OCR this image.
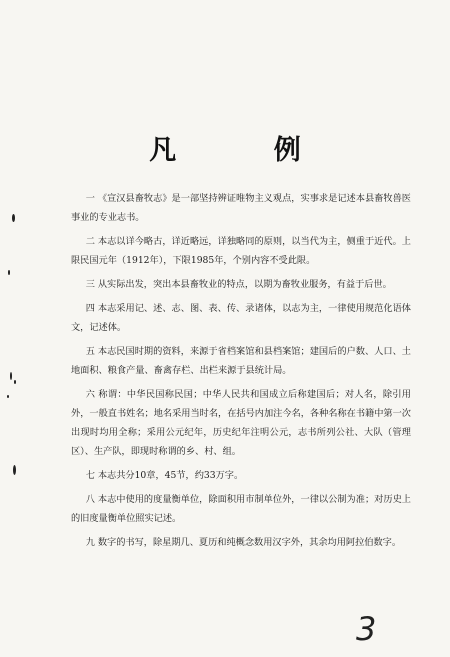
凡 例

一 《宣汉县畜牧志》是一部坚持辨证唯物主义观点，实事求是记述本县畜牧兽医事业的专业志书。

二 本志以详今略古，详近略远，详独略同的原则，以当代为主，侧重于近代。上限民国元年（1912年），下限1985年，个别内容不受此限。

三 从实际出发，突出本县畜牧业的特点，以期为畜牧业服务，有益于后世。

四 本志采用记、述、志、图、表、传、录诸体，以志为主，一律使用规范化语体文，记述体。

五 本志民国时期的资料，来源于省档案馆和县档案馆；建国后的户数、人口、土地面积、粮食产量、畜禽存栏、出栏来源于县统计局。

六 称谓：中华民国称民国；中华人民共和国成立后称建国后；对人名，除引用外，一般直书姓名；地名采用当时名，在括号内加注今名，各种名称在书籍中第一次出现时均用全称；采用公元纪年，历史纪年注明公元，志书所列公社、大队（管理区）、生产队，即现时称谓的乡、村、组。

七 本志共分10章，45节，约33万字。

八 本志中使用的度量衡单位，除面积用市制单位外，一律以公制为准；对历史上的旧度量衡单位照实记述。

九 数字的书写，除星期几、夏历和纯概念数用汉字外，其余均用阿拉伯数字。

3
